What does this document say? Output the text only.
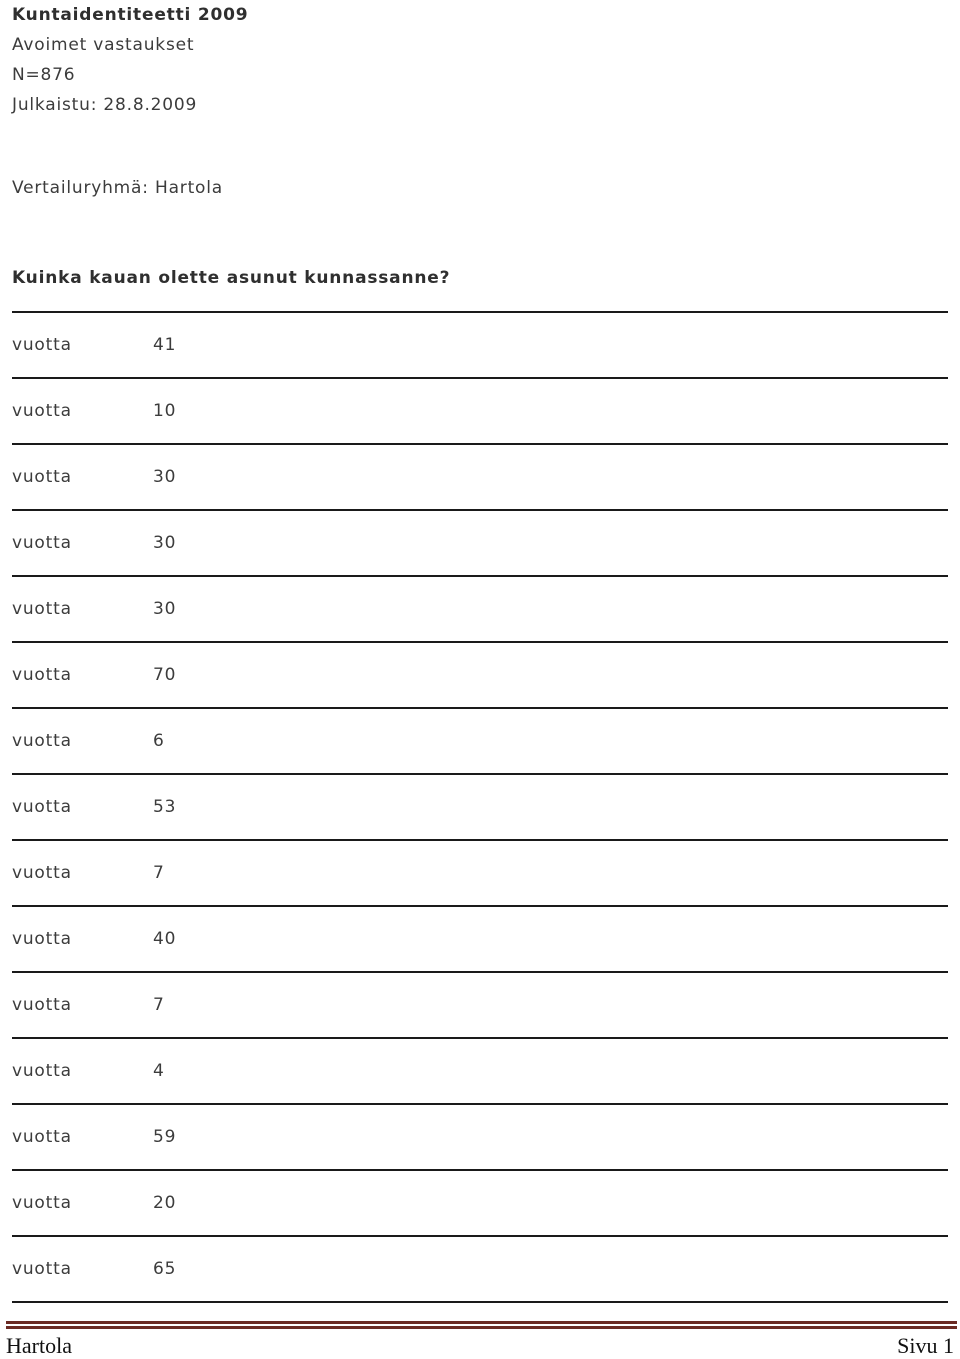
Kuntaidentiteetti 2009
Avoimet vastaukset
N=876
Julkaistu: 28.8.2009
Vertailuryhmä: Hartola
Kuinka kauan olette asunut kunnassanne?
vuotta	41
vuotta	10
vuotta	30
vuotta	30
vuotta	30
vuotta	70
vuotta	6
vuotta	53
vuotta	7
vuotta	40
vuotta	7
vuotta	4
vuotta	59
vuotta	20
vuotta	65
Hartola	Sivu 1
